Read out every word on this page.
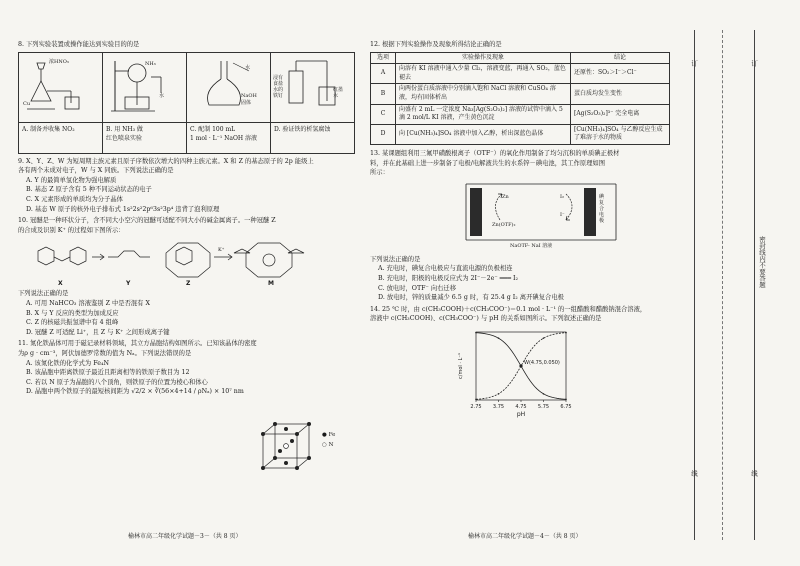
8. 下列实验装置或操作能达到实验目的的是
浓HNO₃
Cu
A. 制备并收集 NO₂
NH₃
水
B. 用 NH₃ 做
红色喷泉实验
水
NaOH
固体
C. 配制 100 mL
1 mol · L⁻¹ NaOH 溶液
浸有食盐水的铁钉
红墨水
D. 验证铁的析氢腐蚀
9. X、Y、Z、W 为短周期主族元素且原子序数依次增大的四种主族元素。X 和 Z 的基态原子的 2p 能级上
各有两个未成对电子，W 与 X 同族。下列说法正确的是
A. Y 的最简单氢化物为强电解质
B. 基态 Z 原子含有 5 种不同运动状态的电子
C. X 元素形成的单质均为分子晶体
D. 基态 W 原子的核外电子排布式 1s²2s²2p⁶3s²3p⁴ 违背了泡利原理
10. 冠醚是一种环状分子，含不同大小空穴的冠醚可适配不同大小的碱金属离子。一种冠醚 Z
的合成及识别 K⁺ 的过程如下图所示：
X	Y	Z	M
K⁺
下列说法正确的是
A. 可用 NaHCO₃ 溶液鉴别 Z 中是否混有 X
B. X 与 Y 反应的类型为加成反应
C. Z 的核磁共振氢谱中有 4 组峰
D. 冠醚 Z 可适配 Li⁺，且 Z 与 K⁺ 之间形成离子键
11. 氮化铁晶体可用于磁记录材料领域，其立方晶胞结构如图所示。已知该晶体的密度
为ρ g · cm⁻³，阿伏加德罗常数的值为 Nₐ。下列说法错误的是
A. 该氮化铁的化学式为 Fe₄N
B. 该晶胞中距离铁原子最近且距离相等的铁原子数目为 12
C. 若以 N 原子为晶胞的八个顶角，则铁原子的位置为棱心和体心
D. 晶胞中两个铁原子的最短核间距为 √2/2 × ∛(56×4+14 / ρNₐ) × 10⁷ nm
● Fe
○ N
榆林市高二年级化学试题－3－（共 8 页）
12. 根据下列实验操作及现象所得结论正确的是
选项	实验操作及现象	结论
A	向溶有 KI 溶液中通入少量 Cl₂，溶液变蓝，再通入 SO₂，蓝色褪去	还原性：SO₂＞I⁻＞Cl⁻
B	向两份蛋白质溶液中分别滴入饱和 NaCl 溶液和 CuSO₄ 溶液，均有固体析出	蛋白质均发生变性
C	向盛有 2 mL 一定浓度 Na₃[Ag(S₂O₃)₂] 溶液的试管中滴入 5 滴 2 mol/L KI 溶液，产生黄色沉淀	[Ag(S₂O₃)₂]³⁻ 完全电离
D	向 [Cu(NH₃)₄]SO₄ 溶液中加入乙醇，析出深蓝色晶体	[Cu(NH₃)₄]SO₄ 与乙醇反应生成了难溶于水的物质
13. 某课题组利用三氟甲磺酸根离子（OTF⁻）的氧化作用制备了均匀沉积的单质碘正极材
料，并在此基础上进一步制备了电极/电解液共生的水系锌－碘电池，其工作原理如图
所示：
Zn	I₂
I⁻
Zn(OTF)₂
碘复合电极
NaOTF- NaI 溶液
下列说法正确的是
A. 充电时，碘复合电极应与直流电源的负极相连
B. 充电时，阳极的电极反应式为 2I⁻－2e⁻ ═══ I₂
C. 放电时，OTF⁻ 向右迁移
D. 放电时，锌的质量减少 6.5 g 时，有 25.4 g I₂ 离开碘复合电极
14. 25 ℃ 时，由 c(CH₃COOH)＋c(CH₃COO⁻)＝0.1 mol · L⁻¹ 的一组醋酸和醋酸钠混合溶液，
溶液中 c(CH₃COOH)、c(CH₃COO⁻) 与 pH 的关系如图所示。下列叙述正确的是
W(4.75,0.050)
2.75 3.75 4.75 5.75 6.75
pH
c/mol · L⁻¹
榆林市高二年级化学试题－4－（共 8 页）
密封线内不要答题
订	订
线	线
